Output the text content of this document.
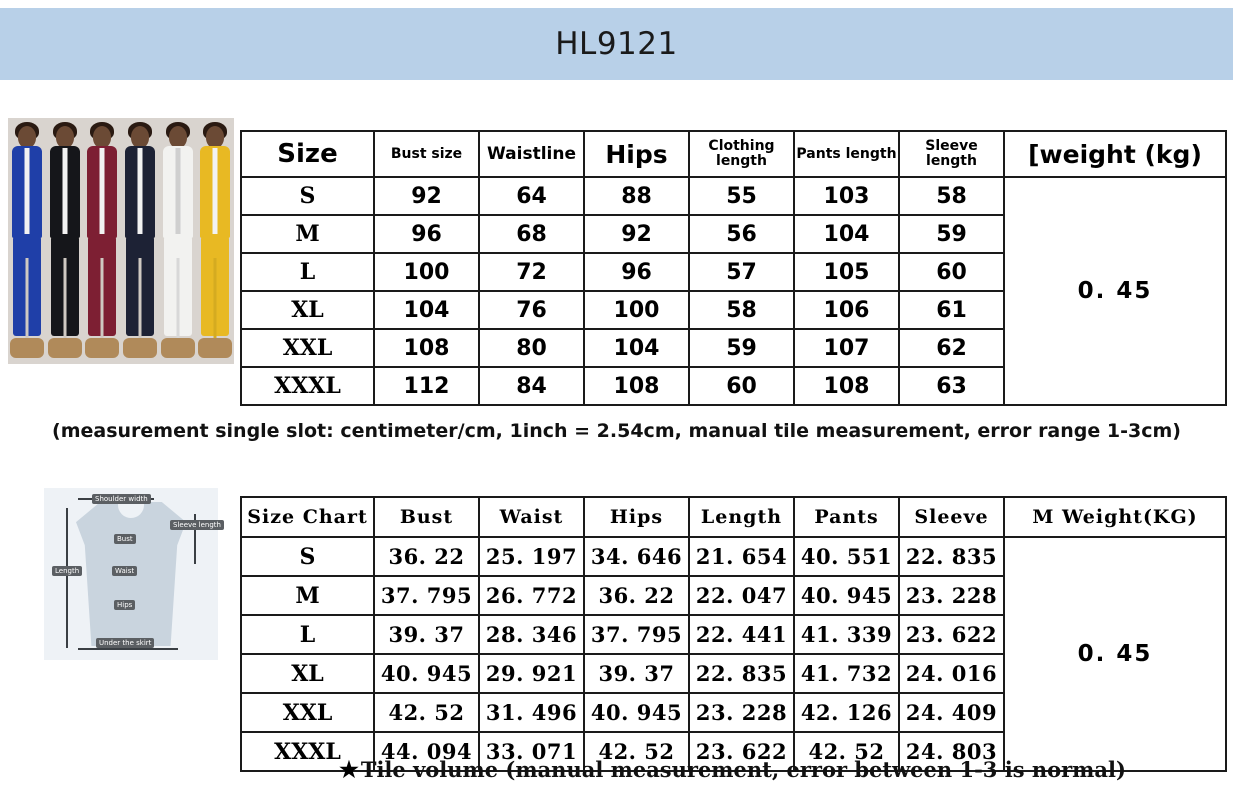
HL9121
Size	Bust size	Waistline	Hips	Clothing length	Pants length	Sleeve length	[weight (kg)
S	92	64	88	55	103	58	0. 45
M	96	68	92	56	104	59	
L	100	72	96	57	105	60	
XL	104	76	100	58	106	61	
XXL	108	80	104	59	107	62	
XXXL	112	84	108	60	108	63	
(measurement single slot: centimeter/cm, 1inch = 2.54cm, manual tile measurement, error range 1-3cm)
Shoulder width
Sleeve length
Bust
Waist
Hips
Length
Under the skirt
Size Chart	Bust	Waist	Hips	Length	Pants	Sleeve	M Weight(KG)
S	36. 22	25. 197	34. 646	21. 654	40. 551	22. 835	0. 45
M	37. 795	26. 772	36. 22	22. 047	40. 945	23. 228	
L	39. 37	28. 346	37. 795	22. 441	41. 339	23. 622	
XL	40. 945	29. 921	39. 37	22. 835	41. 732	24. 016	
XXL	42. 52	31. 496	40. 945	23. 228	42. 126	24. 409	
XXXL	44. 094	33. 071	42. 52	23. 622	42. 52	24. 803	
★ Tile volume (manual measurement, error between 1-3 is normal)
